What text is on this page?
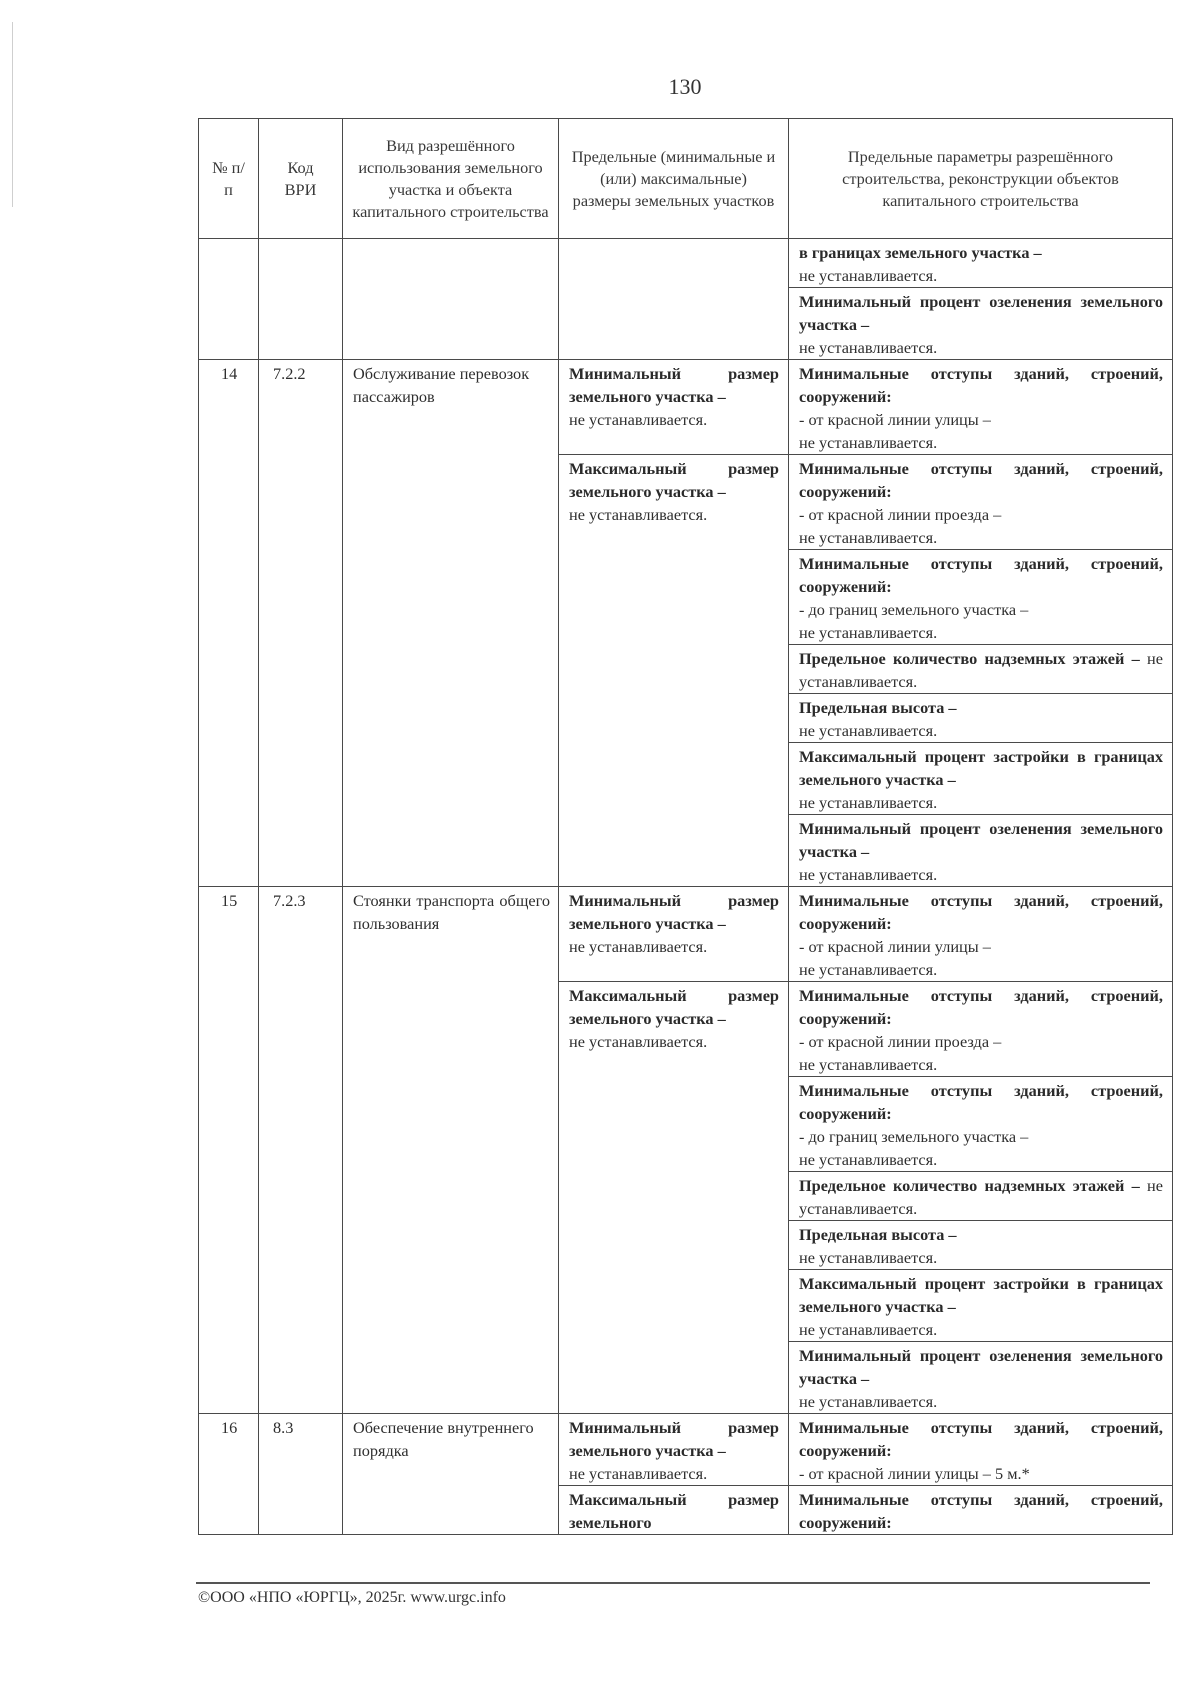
130
№ п/п	Код ВРИ	Вид разрешённого использования земельного участка и объекта капитального строительства	Предельные (минимальные и (или) максимальные) размеры земельных участков	Предельные параметры разрешённого строительства, реконструкции объектов капитального строительства

				в границах земельного участка –
не устанавливается.

				Минимальный процент озеленения земельного участка –
не устанавливается.

14	7.2.2	Обслуживание перевозок пассажиров	Минимальный размер земельного участка –
не устанавливается.	Минимальные отступы зданий, строений, сооружений:
- от красной линии улицы –
не устанавливается.

			Максимальный размер земельного участка –
не устанавливается.	Минимальные отступы зданий, строений, сооружений:
- от красной линии проезда –
не устанавливается.

				Минимальные отступы зданий, строений, сооружений:
- до границ земельного участка –
не устанавливается.

				Предельное количество надземных этажей – не устанавливается.

				Предельная высота –
не устанавливается.

				Максимальный процент застройки в границах земельного участка –
не устанавливается.

				Минимальный процент озеленения земельного участка –
не устанавливается.

15	7.2.3	Стоянки транспорта общего пользования	Минимальный размер земельного участка –
не устанавливается.	Минимальные отступы зданий, строений, сооружений:
- от красной линии улицы –
не устанавливается.

			Максимальный размер земельного участка –
не устанавливается.	Минимальные отступы зданий, строений, сооружений:
- от красной линии проезда –
не устанавливается.

				Минимальные отступы зданий, строений, сооружений:
- до границ земельного участка –
не устанавливается.

				Предельное количество надземных этажей – не устанавливается.

				Предельная высота –
не устанавливается.

				Максимальный процент застройки в границах земельного участка –
не устанавливается.

				Минимальный процент озеленения земельного участка –
не устанавливается.

16	8.3	Обеспечение внутреннего порядка	Минимальный размер земельного участка –
не устанавливается.	Минимальные отступы зданий, строений, сооружений:
- от красной линии улицы – 5 м.*

			Максимальный размер земельного	Минимальные отступы зданий, строений, сооружений:
©ООО «НПО «ЮРГЦ», 2025г. www.urgc.info
